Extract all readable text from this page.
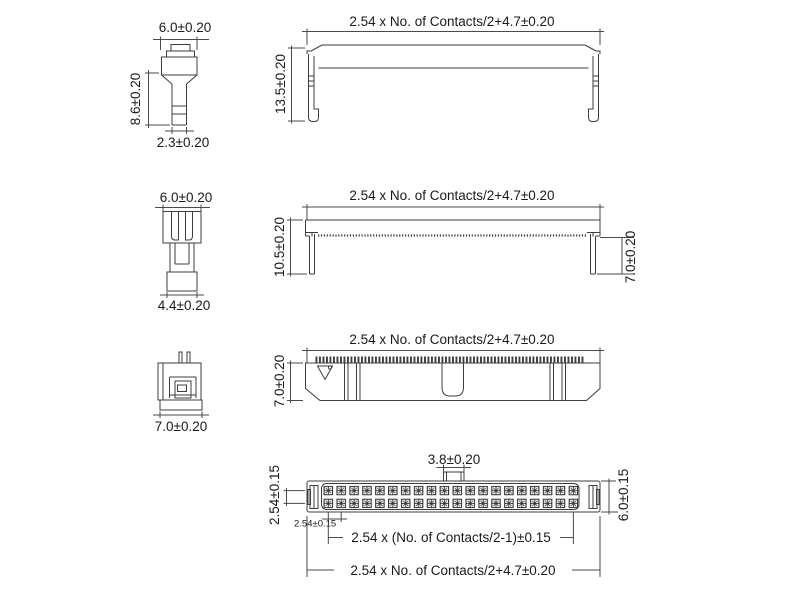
6.0±0.20
8.6±0.20
2.3±0.20
6.0±0.20
4.4±0.20
7.0±0.20
2.54 x No. of Contacts/2+4.7±0.20
13.5±0.20
2.54 x No. of Contacts/2+4.7±0.20
10.5±0.20	7.0±0.20
2.54 x No. of Contacts/2+4.7±0.20
7.0±0.20
3.8±0.20
2.54±0.15	6.0±0.15
2.54±0.15
2.54 x (No. of Contacts/2-1)±0.15
2.54 x No. of Contacts/2+4.7±0.20
